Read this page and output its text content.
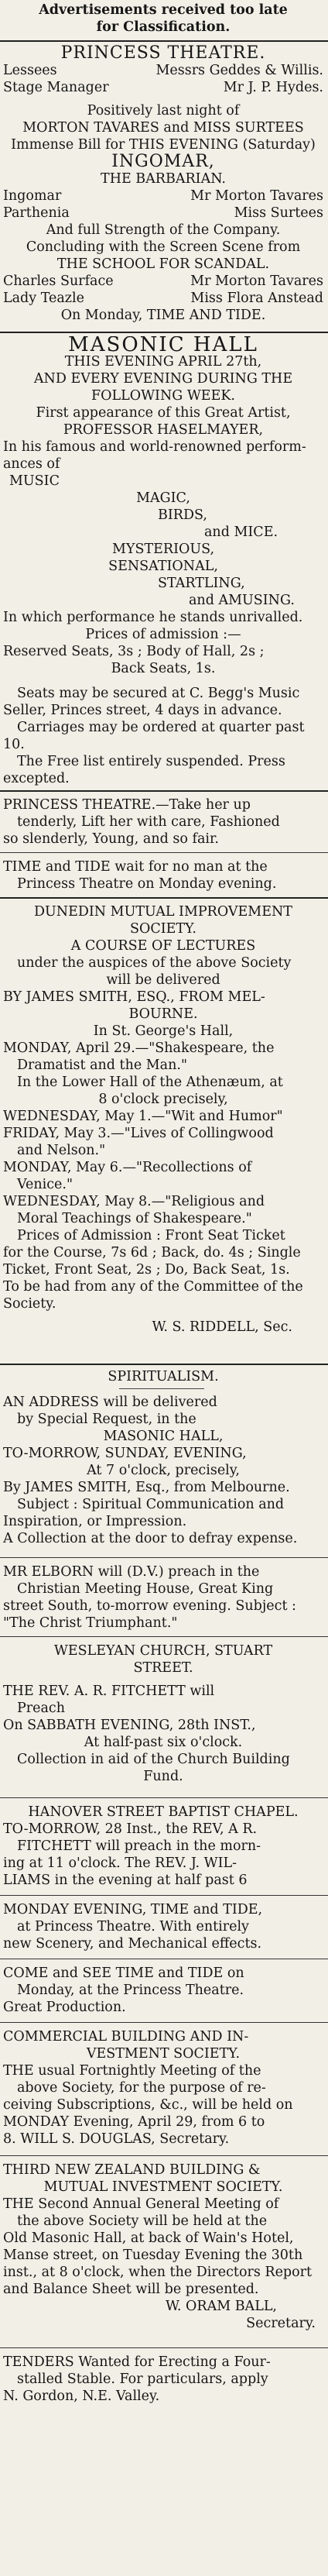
Advertisements received too late
for Classification.
PRINCESS THEATRE.
Lessees	Messrs Geddes & Willis.
Stage Manager	Mr J. P. Hydes.
Positively last night of
MORTON TAVARES and MISS SURTEES
Immense Bill for THIS EVENING (Saturday)
INGOMAR,
THE BARBARIAN.
Ingomar	Mr Morton Tavares
Parthenia	Miss Surtees
And full Strength of the Company.
Concluding with the Screen Scene from
THE SCHOOL FOR SCANDAL.
Charles Surface	Mr Morton Tavares
Lady Teazle	Miss Flora Anstead
On Monday, TIME AND TIDE.
MASONIC HALL
THIS EVENING APRIL 27th,
AND EVERY EVENING DURING THE
FOLLOWING WEEK.
First appearance of this Great Artist,
PROFESSOR HASELMAYER,
In his famous and world-renowned perform-
ances of
MUSIC
MAGIC,
BIRDS,
and MICE.
MYSTERIOUS,
SENSATIONAL,
STARTLING,
and AMUSING.
In which performance he stands unrivalled.
Prices of admission :—
Reserved Seats, 3s ; Body of Hall, 2s ;
Back Seats, 1s.
Seats may be secured at C. Begg's Music
Seller, Princes street, 4 days in advance.
Carriages may be ordered at quarter past
10.
The Free list entirely suspended. Press
excepted.
PRINCESS THEATRE.—Take her up
tenderly, Lift her with care, Fashioned
so slenderly, Young, and so fair.
TIME and TIDE wait for no man at the
Princess Theatre on Monday evening.
DUNEDIN MUTUAL IMPROVEMENT
SOCIETY.
A COURSE OF LECTURES
under the auspices of the above Society
will be delivered
BY JAMES SMITH, ESQ., FROM MEL-
BOURNE.
In St. George's Hall,
MONDAY, April 29.—"Shakespeare, the
Dramatist and the Man."
In the Lower Hall of the Athenæum, at
8 o'clock precisely,
WEDNESDAY, May 1.—"Wit and Humor"
FRIDAY, May 3.—"Lives of Collingwood
and Nelson."
MONDAY, May 6.—"Recollections of
Venice."
WEDNESDAY, May 8.—"Religious and
Moral Teachings of Shakespeare."
Prices of Admission : Front Seat Ticket
for the Course, 7s 6d ; Back, do. 4s ; Single
Ticket, Front Seat, 2s ; Do, Back Seat, 1s.
To be had from any of the Committee of the
Society.
W. S. RIDDELL, Sec.
SPIRITUALISM.
AN ADDRESS will be delivered
by Special Request, in the
MASONIC HALL,
TO-MORROW, SUNDAY, EVENING,
At 7 o'clock, precisely,
By JAMES SMITH, Esq., from Melbourne.
Subject : Spiritual Communication and
Inspiration, or Impression.
A Collection at the door to defray expense.
MR ELBORN will (D.V.) preach in the
Christian Meeting House, Great King
street South, to-morrow evening. Subject :
"The Christ Triumphant."
WESLEYAN CHURCH, STUART
STREET.
THE REV. A. R. FITCHETT will
Preach
On SABBATH EVENING, 28th INST.,
At half-past six o'clock.
Collection in aid of the Church Building
Fund.
HANOVER STREET BAPTIST CHAPEL.
TO-MORROW, 28 Inst., the REV, A R.
FITCHETT will preach in the morn-
ing at 11 o'clock. The REV. J. WIL-
LIAMS in the evening at half past 6
MONDAY EVENING, TIME and TIDE,
at Princess Theatre. With entirely
new Scenery, and Mechanical effects.
COME and SEE TIME and TIDE on
Monday, at the Princess Theatre.
Great Production.
COMMERCIAL BUILDING AND IN-
VESTMENT SOCIETY.
THE usual Fortnightly Meeting of the
above Society, for the purpose of re-
ceiving Subscriptions, &c., will be held on
MONDAY Evening, April 29, from 6 to
8. WILL S. DOUGLAS, Secretary.
THIRD NEW ZEALAND BUILDING &
MUTUAL INVESTMENT SOCIETY.
THE Second Annual General Meeting of
the above Society will be held at the
Old Masonic Hall, at back of Wain's Hotel,
Manse street, on Tuesday Evening the 30th
inst., at 8 o'clock, when the Directors Report
and Balance Sheet will be presented.
W. ORAM BALL,
Secretary.
TENDERS Wanted for Erecting a Four-
stalled Stable. For particulars, apply
N. Gordon, N.E. Valley.
